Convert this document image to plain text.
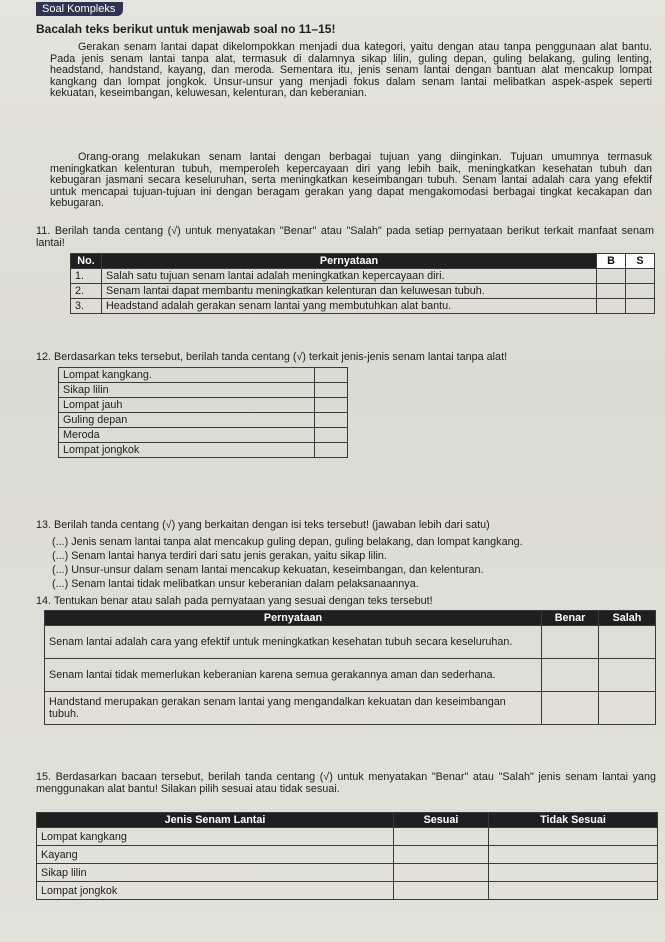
Soal Kompleks
Bacalah teks berikut untuk menjawab soal no 11–15!
Gerakan senam lantai dapat dikelompokkan menjadi dua kategori, yaitu dengan atau tanpa penggunaan alat bantu. Pada jenis senam lantai tanpa alat, termasuk di dalamnya sikap lilin, guling depan, guling belakang, guling lenting, headstand, handstand, kayang, dan meroda. Sementara itu, jenis senam lantai dengan bantuan alat mencakup lompat kangkang dan lompat jongkok. Unsur-unsur yang menjadi fokus dalam senam lantai melibatkan aspek-aspek seperti kekuatan, keseimbangan, keluwesan, kelenturan, dan keberanian.
Orang-orang melakukan senam lantai dengan berbagai tujuan yang diinginkan. Tujuan umumnya termasuk meningkatkan kelenturan tubuh, memperoleh kepercayaan diri yang lebih baik, meningkatkan kesehatan tubuh dan kebugaran jasmani secara keseluruhan, serta meningkatkan keseimbangan tubuh. Senam lantai adalah cara yang efektif untuk mencapai tujuan-tujuan ini dengan beragam gerakan yang dapat mengakomodasi berbagai tingkat kecakapan dan kebugaran.
11. Berilah tanda centang (√) untuk menyatakan "Benar" atau "Salah" pada setiap pernyataan berikut terkait manfaat senam lantai!
No.	Pernyataan	B	S
1.	Salah satu tujuan senam lantai adalah meningkatkan kepercayaan diri.		
2.	Senam lantai dapat membantu meningkatkan kelenturan dan keluwesan tubuh.		
3.	Headstand adalah gerakan senam lantai yang membutuhkan alat bantu.		
12. Berdasarkan teks tersebut, berilah tanda centang (√) terkait jenis-jenis senam lantai tanpa alat!
Lompat kangkang.	
Sikap lilin	
Lompat jauh	
Guling depan	
Meroda	
Lompat jongkok	
13. Berilah tanda centang (√) yang berkaitan dengan isi teks tersebut! (jawaban lebih dari satu)
(...) Jenis senam lantai tanpa alat mencakup guling depan, guling belakang, dan lompat kangkang.
(...) Senam lantai hanya terdiri dari satu jenis gerakan, yaitu sikap lilin.
(...) Unsur-unsur dalam senam lantai mencakup kekuatan, keseimbangan, dan kelenturan.
(...) Senam lantai tidak melibatkan unsur keberanian dalam pelaksanaannya.
14. Tentukan benar atau salah pada pernyataan yang sesuai dengan teks tersebut!
Pernyataan	Benar	Salah
Senam lantai adalah cara yang efektif untuk meningkatkan kesehatan tubuh secara keseluruhan.		
Senam lantai tidak memerlukan keberanian karena semua gerakannya aman dan sederhana.		
Handstand merupakan gerakan senam lantai yang mengandalkan kekuatan dan keseimbangan tubuh.		
15. Berdasarkan bacaan tersebut, berilah tanda centang (√) untuk menyatakan "Benar" atau "Salah" jenis senam lantai yang menggunakan alat bantu! Silakan pilih sesuai atau tidak sesuai.
Jenis Senam Lantai	Sesuai	Tidak Sesuai
Lompat kangkang		
Kayang		
Sikap lilin		
Lompat jongkok		
